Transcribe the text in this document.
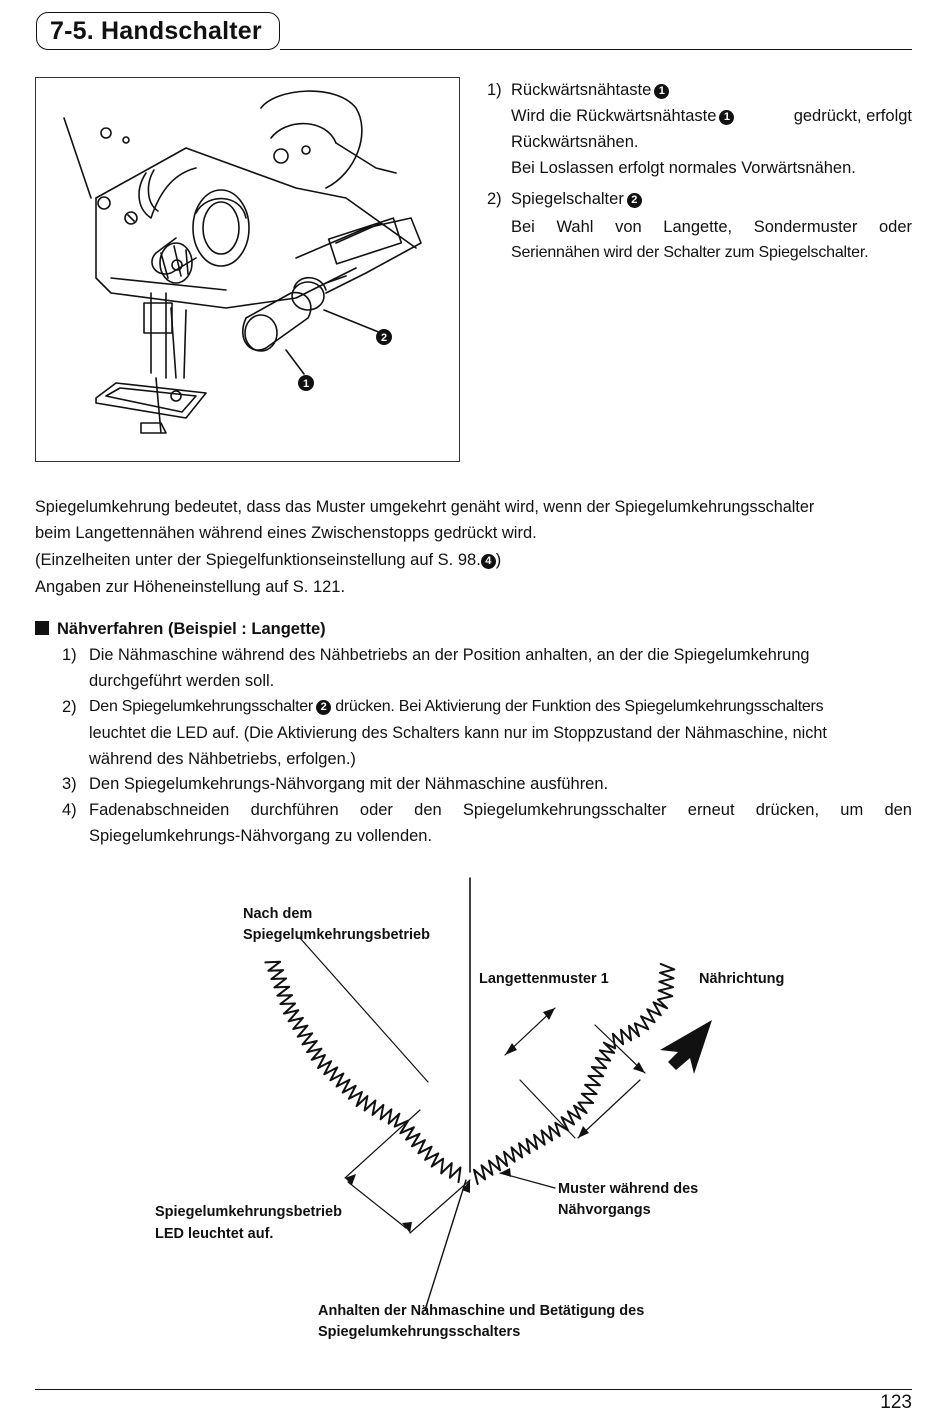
7-5. Handschalter
2
1
1) Rückwärtsnähtaste 1
Wird die Rückwärtsnähtaste 1	gedrückt, erfolgt
Rückwärtsnähen.
Bei Loslassen erfolgt normales Vorwärtsnähen.
2) Spiegelschalter 2
Bei Wahl von Langette, Sondermuster oder
Seriennähen wird der Schalter zum Spiegelschalter.
Spiegelumkehrung bedeutet, dass das Muster umgekehrt genäht wird, wenn der Spiegelumkehrungsschalter
beim Langettennähen während eines Zwischenstopps gedrückt wird.
(Einzelheiten unter der Spiegelfunktionseinstellung auf S. 98. 4 )
Angaben zur Höheneinstellung auf S. 121.
Nähverfahren (Beispiel : Langette)
1) Die Nähmaschine während des Nähbetriebs an der Position anhalten, an der die Spiegelumkehrung
durchgeführt werden soll.
2) Den Spiegelumkehrungsschalter 2 drücken. Bei Aktivierung der Funktion des Spiegelumkehrungsschalters
leuchtet die LED auf. (Die Aktivierung des Schalters kann nur im Stoppzustand der Nähmaschine, nicht
während des Nähbetriebs, erfolgen.)
3) Den Spiegelumkehrungs-Nähvorgang mit der Nähmaschine ausführen.
4) Fadenabschneiden durchführen oder den Spiegelumkehrungsschalter erneut drücken, um den
Spiegelumkehrungs-Nähvorgang zu vollenden.
Nach dem
Spiegelumkehrungsbetrieb
Langettenmuster 1	Nährichtung
Muster während des
Nähvorgangs
Spiegelumkehrungsbetrieb
LED leuchtet auf.
Anhalten der Nähmaschine und Betätigung des
Spiegelumkehrungsschalters
123
